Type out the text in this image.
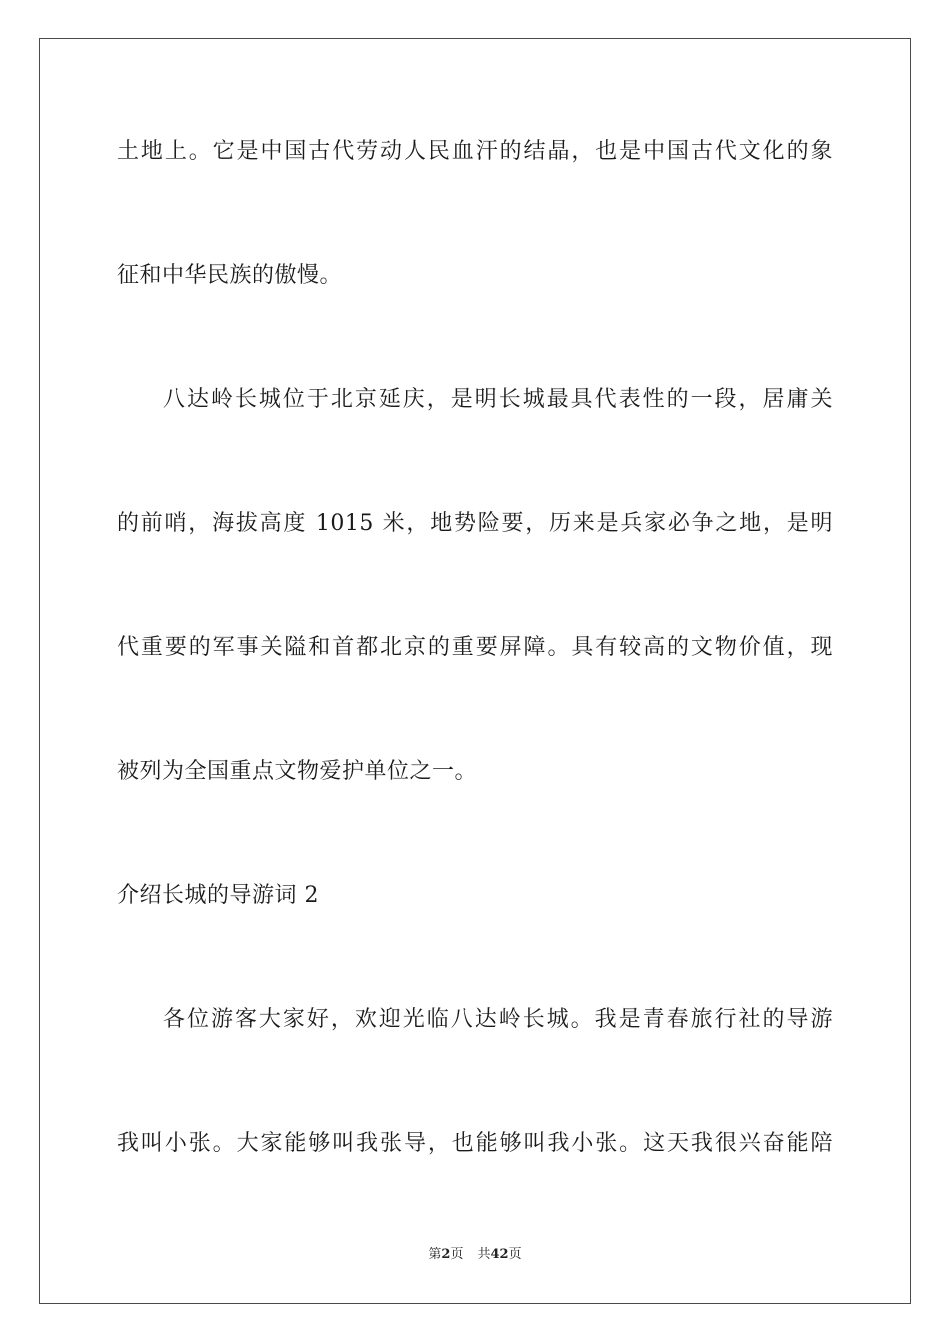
土地上。它是中国古代劳动人民血汗的结晶，也是中国古代文化的象
征和中华民族的傲慢。
八达岭长城位于北京延庆，是明长城最具代表性的一段，居庸关
的前哨，海拔高度 1015 米，地势险要，历来是兵家必争之地，是明
代重要的军事关隘和首都北京的重要屏障。具有较高的文物价值，现
被列为全国重点文物爱护单位之一。
介绍长城的导游词 2
各位游客大家好，欢迎光临八达岭长城。我是青春旅行社的导游
我叫小张。大家能够叫我张导，也能够叫我小张。这天我很兴奋能陪
第2页 共42页
